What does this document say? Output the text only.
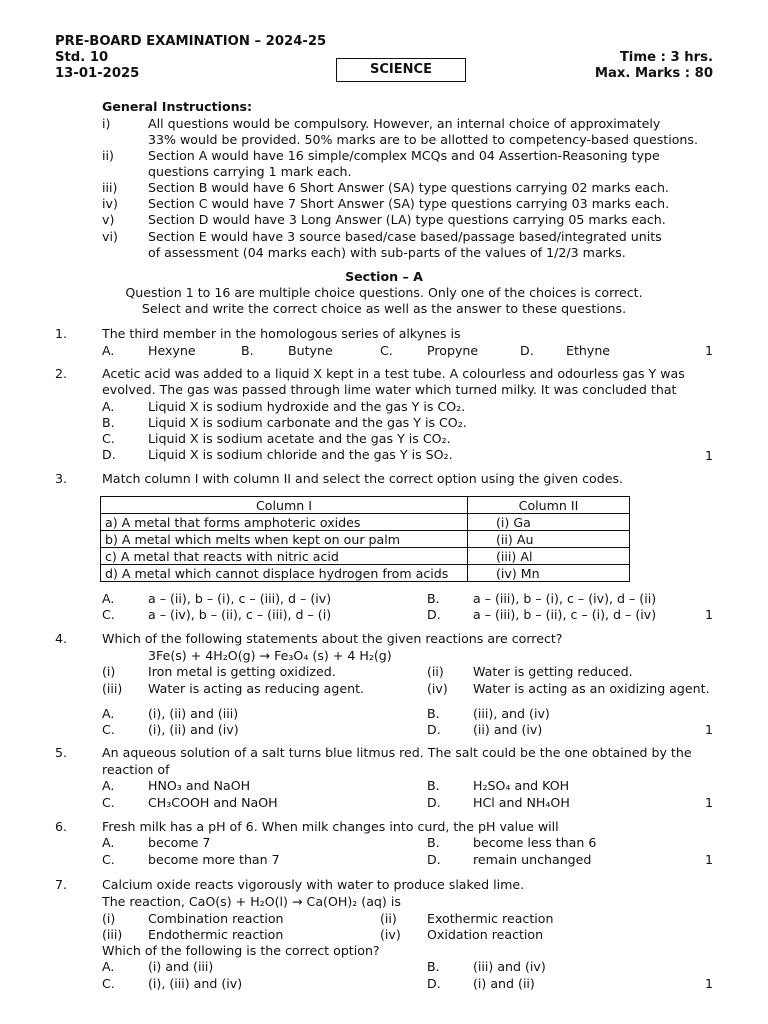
PRE-BOARD EXAMINATION – 2024-25
Std. 10
13-01-2025	SCIENCE
Time : 3 hrs.
Max. Marks : 80
General Instructions:
i)	All questions would be compulsory. However, an internal choice of approximately
33% would be provided. 50% marks are to be allotted to competency-based questions.
ii)	Section A would have 16 simple/complex MCQs and 04 Assertion-Reasoning type
questions carrying 1 mark each.
iii) Section B would have 6 Short Answer (SA) type questions carrying 02 marks each.
iv) Section C would have 7 Short Answer (SA) type questions carrying 03 marks each.
v)	Section D would have 3 Long Answer (LA) type questions carrying 05 marks each.
vi) Section E would have 3 source based/case based/passage based/integrated units
of assessment (04 marks each) with sub-parts of the values of 1/2/3 marks.
Section – A
Question 1 to 16 are multiple choice questions. Only one of the choices is correct.
Select and write the correct choice as well as the answer to these questions.
1.	The third member in the homologous series of alkynes is
A.	Hexyne	B.	Butyne	C.	Propyne	D.	Ethyne	1
2.	Acetic acid was added to a liquid X kept in a test tube. A colourless and odourless gas Y was
evolved. The gas was passed through lime water which turned milky. It was concluded that
A.	Liquid X is sodium hydroxide and the gas Y is CO₂.
B.	Liquid X is sodium carbonate and the gas Y is CO₂.
C.	Liquid X is sodium acetate and the gas Y is CO₂.
D.	Liquid X is sodium chloride and the gas Y is SO₂.	1
3.	Match column I with column II and select the correct option using the given codes.
Column I	Column II
a) A metal that forms amphoteric oxides	(i) Ga
b) A metal which melts when kept on our palm	(ii) Au
c) A metal that reacts with nitric acid	(iii) Al
d) A metal which cannot displace hydrogen from acids	(iv) Mn
A.	a – (ii), b – (i), c – (iii), d – (iv)	B.	a – (iii), b – (i), c – (iv), d – (ii)
C.	a – (iv), b – (ii), c – (iii), d – (i)	D.	a – (iii), b – (ii), c – (i), d – (iv)	1
4.	Which of the following statements about the given reactions are correct?
3Fe(s) + 4H₂O(g) → Fe₃O₄ (s) + 4 H₂(g)
(i)	Iron metal is getting oxidized.	(ii) Water is getting reduced.
(iii) Water is acting as reducing agent.	(iv) Water is acting as an oxidizing agent.
A.	(i), (ii) and (iii)	B.	(iii), and (iv)
C.	(i), (ii) and (iv)	D.	(ii) and (iv)	1
5.	An aqueous solution of a salt turns blue litmus red. The salt could be the one obtained by the
reaction of
A.	HNO₃ and NaOH	B.	H₂SO₄ and KOH
C.	CH₃COOH and NaOH	D.	HCl and NH₄OH	1
6.	Fresh milk has a pH of 6. When milk changes into curd, the pH value will
A.	become 7	B.	become less than 6
C.	become more than 7	D.	remain unchanged	1
7.	Calcium oxide reacts vigorously with water to produce slaked lime.
The reaction, CaO(s) + H₂O(l) → Ca(OH)₂ (aq) is
(i)	Combination reaction	(ii) Exothermic reaction
(iii) Endothermic reaction	(iv) Oxidation reaction
Which of the following is the correct option?
A.	(i) and (iii)	B.	(iii) and (iv)
C.	(i), (iii) and (iv)	D.	(i) and (ii)	1
